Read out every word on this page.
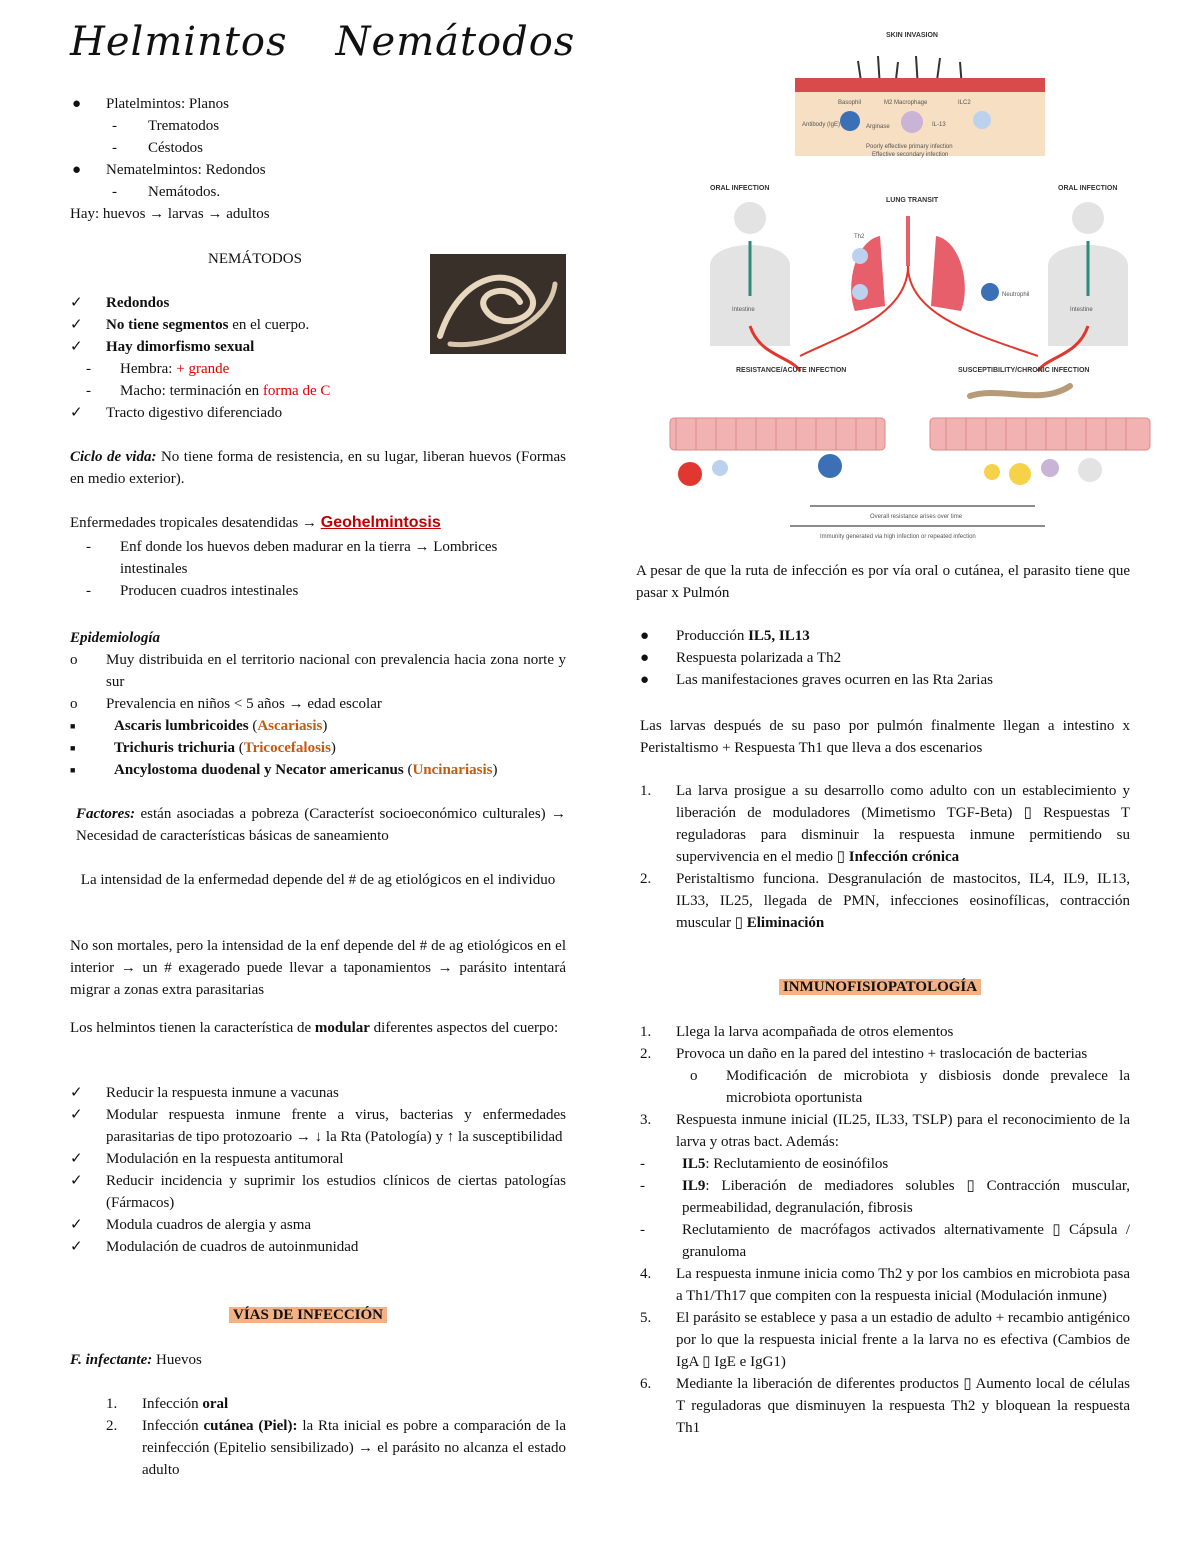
Helmintos Nemátodos
●	Platelmintos: Planos
-	Trematodos
-	Céstodos
●	Nematelmintos: Redondos
-	Nemátodos.
Hay: huevos → larvas → adultos
NEMÁTODOS
✓	Redondos
✓	No tiene segmentos en el cuerpo.
✓	Hay dimorfismo sexual
-	Hembra: + grande
-	Macho: terminación en forma de C
✓	Tracto digestivo diferenciado
Ciclo de vida: No tiene forma de resistencia, en su lugar, liberan huevos (Formas en medio exterior).
Enfermedades tropicales desatendidas → Geohelmintosis
-	Enf donde los huevos deben madurar en la tierra → Lombrices intestinales
-	Producen cuadros intestinales
Epidemiología
o	Muy distribuida en el territorio nacional con prevalencia hacia zona norte y sur
o	Prevalencia en niños < 5 años → edad escolar
■	Ascaris lumbricoides (Ascariasis)
■	Trichuris trichuria (Tricocefalosis)
■	Ancylostoma duodenal y Necator americanus (Uncinariasis)
Factores: están asociadas a pobreza (Característ socioeconómico culturales) → Necesidad de características básicas de saneamiento
La intensidad de la enfermedad depende del # de ag etiológicos en el individuo
No son mortales, pero la intensidad de la enf depende del # de ag etiológicos en el interior → un # exagerado puede llevar a taponamientos → parásito intentará migrar a zonas extra parasitarias
Los helmintos tienen la característica de modular diferentes aspectos del cuerpo:
✓	Reducir la respuesta inmune a vacunas
✓	Modular respuesta inmune frente a virus, bacterias y enfermedades parasitarias de tipo protozoario → ↓ la Rta (Patología) y ↑ la susceptibilidad
✓	Modulación en la respuesta antitumoral
✓	Reducir incidencia y suprimir los estudios clínicos de ciertas patologías (Fármacos)
✓	Modula cuadros de alergia y asma
✓	Modulación de cuadros de autoinmunidad
VÍAS DE INFECCIÓN
F. infectante: Huevos
1.	Infección oral
2.	Infección cutánea (Piel): la Rta inicial es pobre a comparación de la reinfección (Epitelio sensibilizado) → el parásito no alcanza el estado adulto
SKIN INVASION
Basophil	M2 Macrophage	ILC2
Antibody (IgE)	Arginase	IL-13
Poorly effective primary infection
Effective secondary infection
ORAL INFECTION	ORAL INFECTION
LUNG TRANSIT
Intestine	Intestine
Th2
Neutrophil
RESISTANCE/ACUTE INFECTION	SUSCEPTIBILITY/CHRONIC INFECTION
Overall resistance arises over time
Immunity generated via high infection or repeated infection
A pesar de que la ruta de infección es por vía oral o cutánea, el parasito tiene que pasar x Pulmón
●	Producción IL5, IL13
●	Respuesta polarizada a Th2
●	Las manifestaciones graves ocurren en las Rta 2arias
Las larvas después de su paso por pulmón finalmente llegan a intestino x Peristaltismo + Respuesta Th1 que lleva a dos escenarios
1.	La larva prosigue a su desarrollo como adulto con un establecimiento y liberación de moduladores (Mimetismo TGF-Beta) ▯ Respuestas T reguladoras para disminuir la respuesta inmune permitiendo su supervivencia en el medio ▯ Infección crónica
2.	Peristaltismo funciona. Desgranulación de mastocitos, IL4, IL9, IL13, IL33, IL25, llegada de PMN, infecciones eosinofílicas, contracción muscular ▯ Eliminación
INMUNOFISIOPATOLOGÍA
1.	Llega la larva acompañada de otros elementos
2.	Provoca un daño en la pared del intestino + traslocación de bacterias
o	Modificación de microbiota y disbiosis donde prevalece la microbiota oportunista
3.	Respuesta inmune inicial (IL25, IL33, TSLP) para el reconocimiento de la larva y otras bact. Además:
-	IL5: Reclutamiento de eosinófilos
-	IL9: Liberación de mediadores solubles ▯ Contracción muscular, permeabilidad, degranulación, fibrosis
-	Reclutamiento de macrófagos activados alternativamente ▯ Cápsula / granuloma
4.	La respuesta inmune inicia como Th2 y por los cambios en microbiota pasa a Th1/Th17 que compiten con la respuesta inicial (Modulación inmune)
5.	El parásito se establece y pasa a un estadio de adulto + recambio antigénico por lo que la respuesta inicial frente a la larva no es efectiva (Cambios de IgA ▯ IgE e IgG1)
6.	Mediante la liberación de diferentes productos ▯ Aumento local de células T reguladoras que disminuyen la respuesta Th2 y bloquean la respuesta Th1
